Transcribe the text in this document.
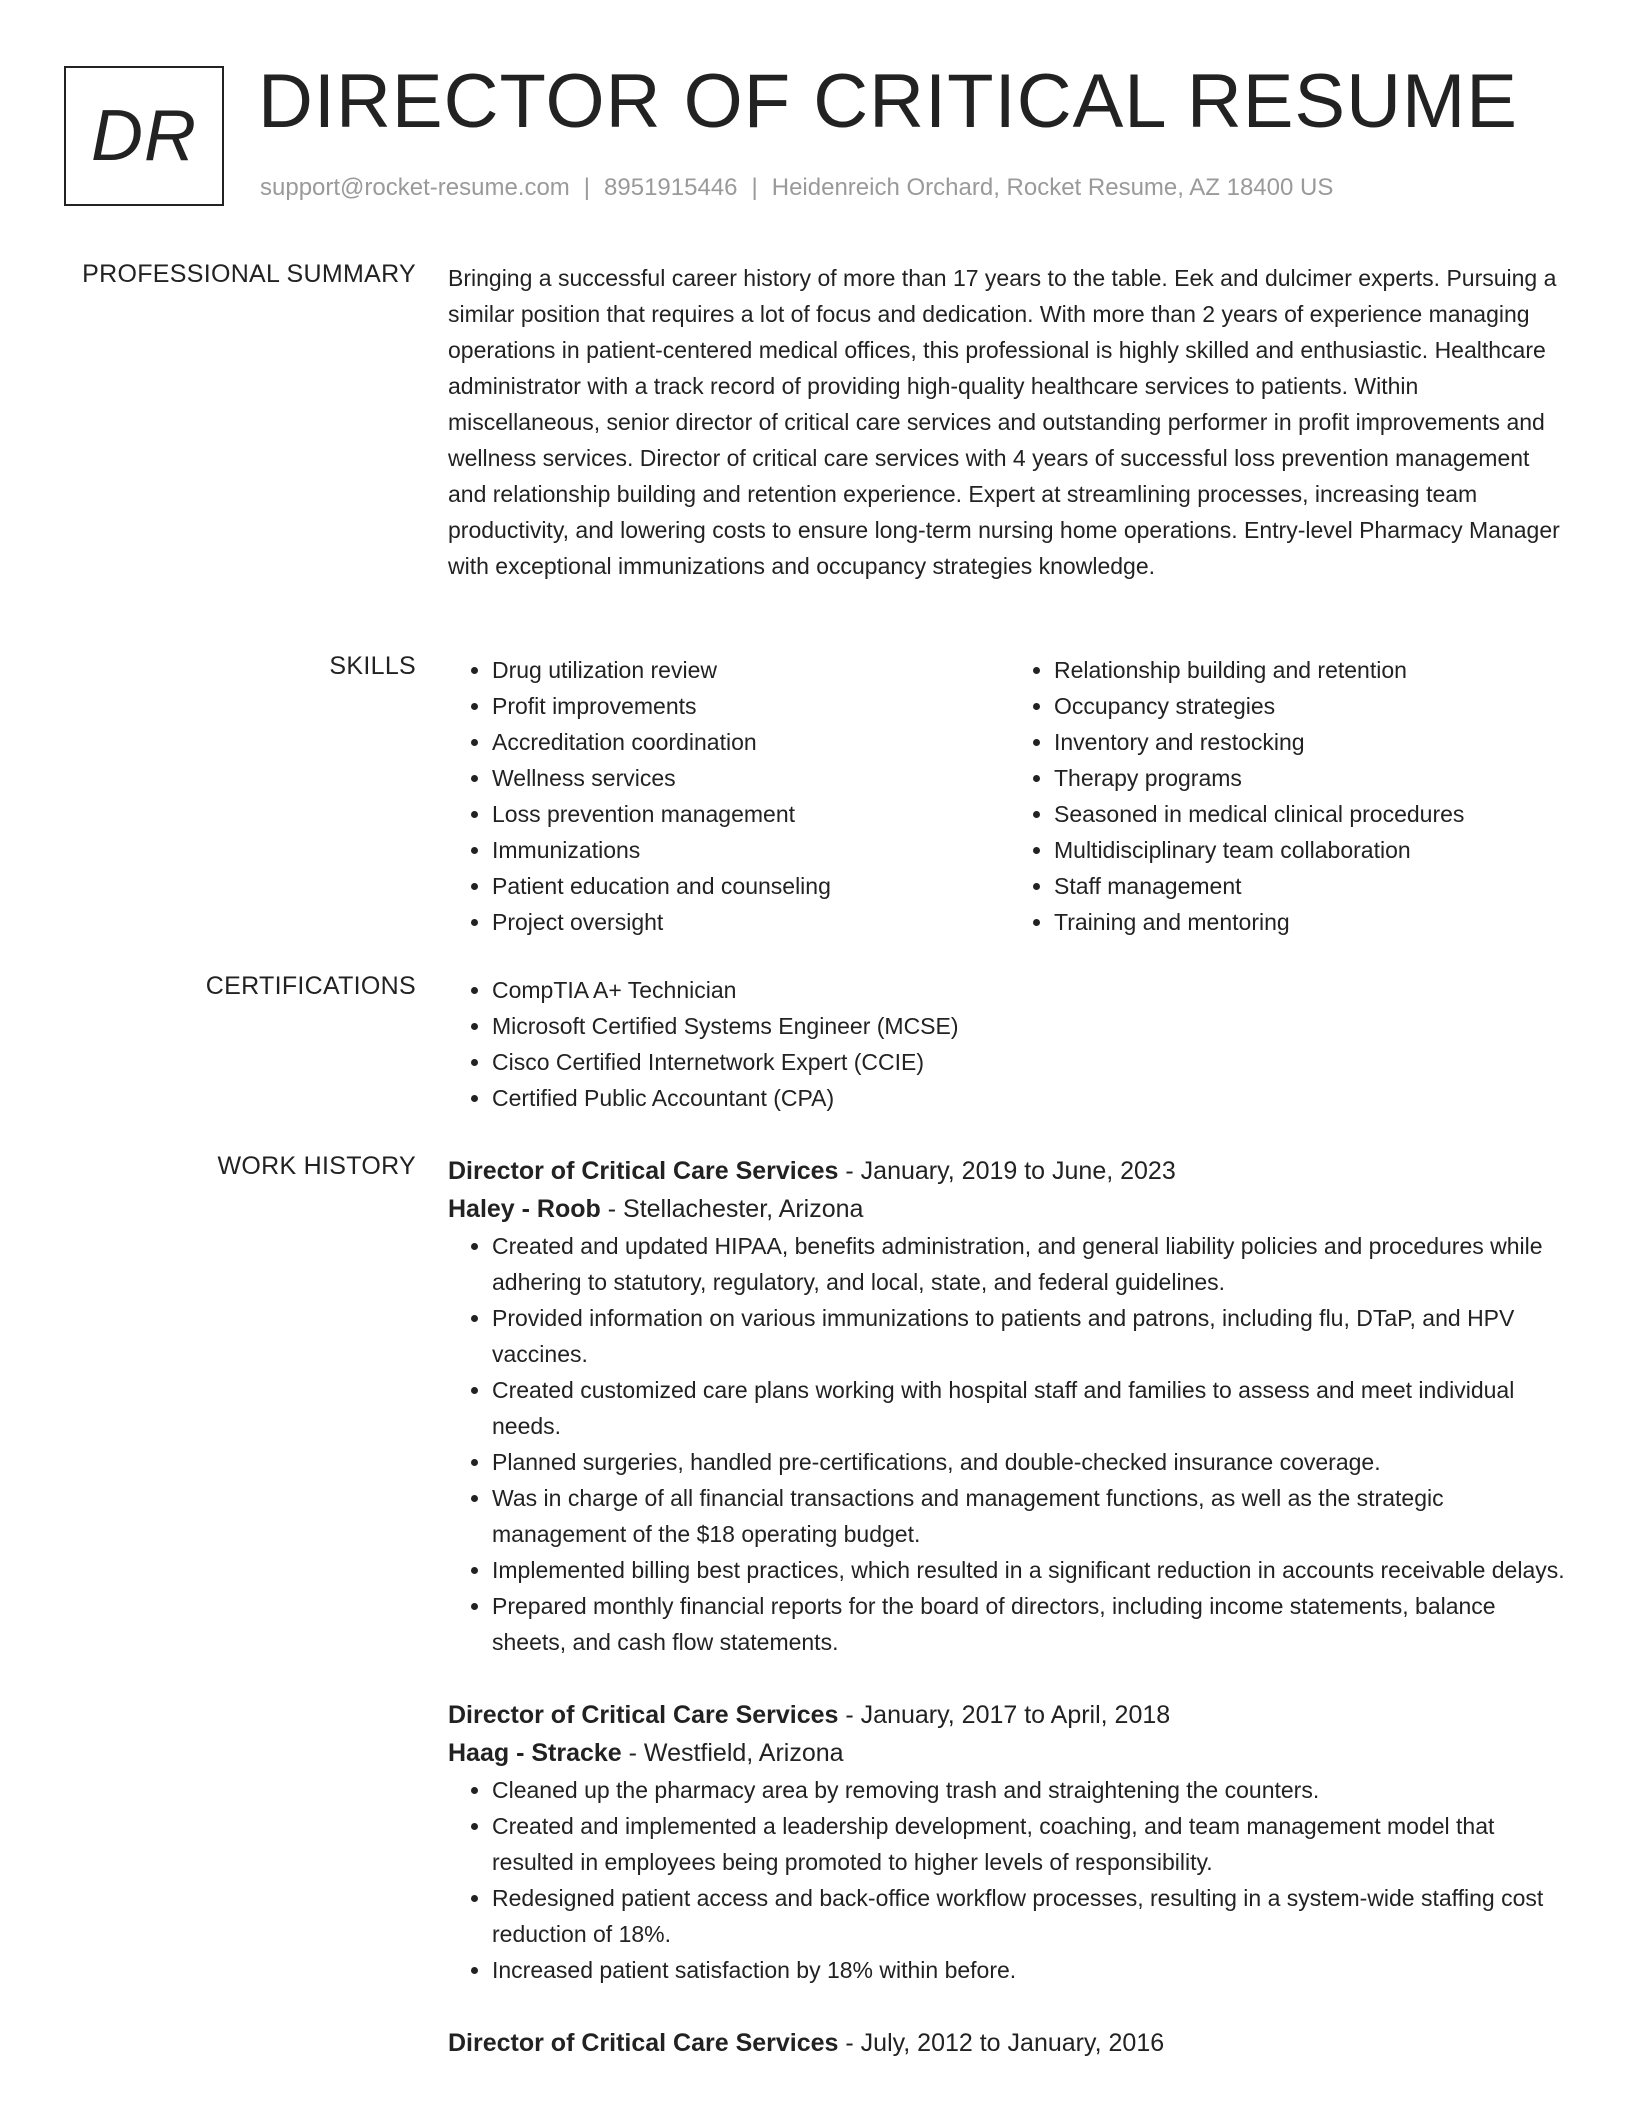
DR DIRECTOR OF CRITICAL RESUME
support@rocket-resume.com | 8951915446 | Heidenreich Orchard, Rocket Resume, AZ 18400 US
PROFESSIONAL SUMMARY Bringing a successful career history of more than 17 years to the table. Eek and dulcimer experts. Pursuing a similar position that requires a lot of focus and dedication. With more than 2 years of experience managing operations in patient-centered medical offices, this professional is highly skilled and enthusiastic. Healthcare administrator with a track record of providing high-quality healthcare services to patients. Within miscellaneous, senior director of critical care services and outstanding performer in profit improvements and wellness services. Director of critical care services with 4 years of successful loss prevention management and relationship building and retention experience. Expert at streamlining processes, increasing team productivity, and lowering costs to ensure long-term nursing home operations. Entry-level Pharmacy Manager with exceptional immunizations and occupancy strategies knowledge.
SKILLS	• Drug utilization review
• Profit improvements
• Accreditation coordination
• Wellness services
• Loss prevention management
• Immunizations
• Patient education and counseling
• Project oversight
• Relationship building and retention
• Occupancy strategies
• Inventory and restocking
• Therapy programs
• Seasoned in medical clinical procedures
• Multidisciplinary team collaboration
• Staff management
• Training and mentoring
CERTIFICATIONS	• CompTIA A+ Technician
• Microsoft Certified Systems Engineer (MCSE)
• Cisco Certified Internetwork Expert (CCIE)
• Certified Public Accountant (CPA)
WORK HISTORY Director of Critical Care Services - January, 2019 to June, 2023
Haley - Roob - Stellachester, Arizona
• Created and updated HIPAA, benefits administration, and general liability policies and procedures while adhering to statutory, regulatory, and local, state, and federal guidelines.
• Provided information on various immunizations to patients and patrons, including flu, DTaP, and HPV vaccines.
• Created customized care plans working with hospital staff and families to assess and meet individual needs.
• Planned surgeries, handled pre-certifications, and double-checked insurance coverage.
• Was in charge of all financial transactions and management functions, as well as the strategic management of the $18 operating budget.
• Implemented billing best practices, which resulted in a significant reduction in accounts receivable delays.
• Prepared monthly financial reports for the board of directors, including income statements, balance sheets, and cash flow statements.
Director of Critical Care Services - January, 2017 to April, 2018
Haag - Stracke - Westfield, Arizona
• Cleaned up the pharmacy area by removing trash and straightening the counters.
• Created and implemented a leadership development, coaching, and team management model that resulted in employees being promoted to higher levels of responsibility.
• Redesigned patient access and back-office workflow processes, resulting in a system-wide staffing cost reduction of 18%.
• Increased patient satisfaction by 18% within before.
Director of Critical Care Services - July, 2012 to January, 2016
